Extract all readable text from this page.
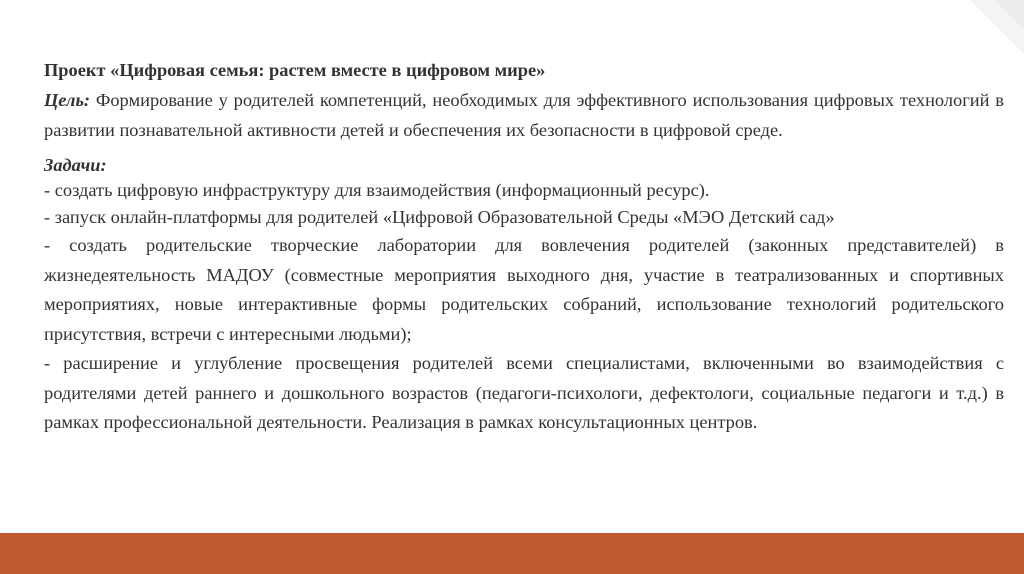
Проект «Цифровая семья: растем вместе в цифровом мире»

Цель: Формирование у родителей компетенций, необходимых для эффективного использования цифровых технологий в развитии познавательной активности детей и обеспечения их безопасности в цифровой среде.

Задачи:

- создать цифровую инфраструктуру для взаимодействия (информационный ресурс).

- запуск онлайн-платформы для родителей «Цифровой Образовательной Среды «МЭО Детский сад»

- создать родительские творческие лаборатории для вовлечения родителей (законных представителей) в жизнедеятельность МАДОУ (совместные мероприятия выходного дня, участие в театрализованных и спортивных мероприятиях, новые интерактивные формы родительских собраний, использование технологий родительского присутствия, встречи с интересными людьми);

- расширение и углубление просвещения родителей всеми специалистами, включенными во взаимодействия с родителями детей раннего и дошкольного возрастов (педагоги-психологи, дефектологи, социальные педагоги и т.д.) в рамках профессиональной деятельности. Реализация в рамках консультационных центров.
